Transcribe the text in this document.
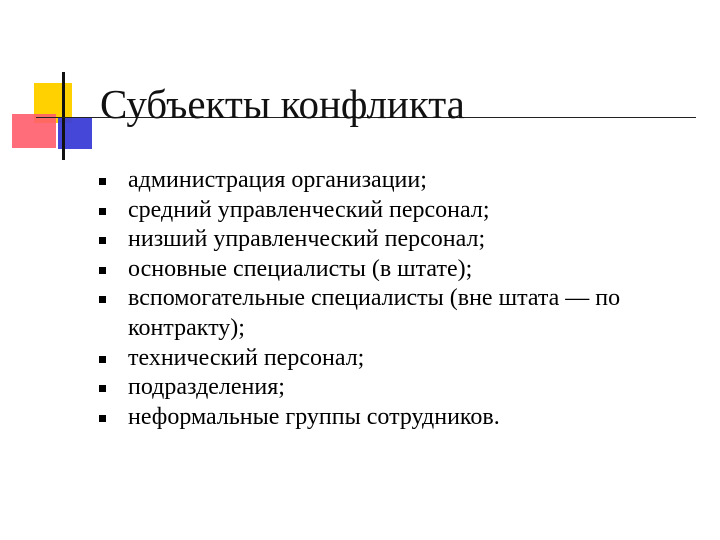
Субъекты конфликта
администрация организации;
средний управленческий персонал;
низший управленческий персонал;
основные специалисты (в штате);
вспомогательные специалисты (вне штата — по контракту);
технический персонал;
подразделения;
неформальные группы сотрудников.
